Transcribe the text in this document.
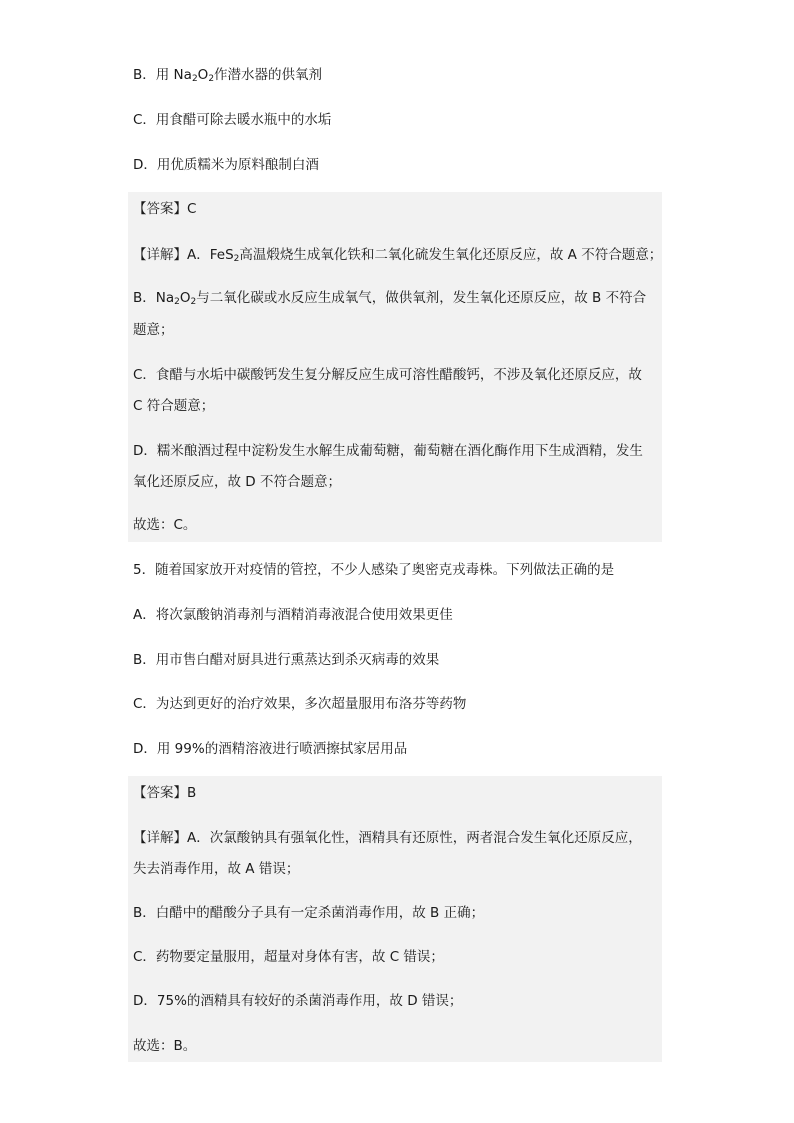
B．用 $Na_2O_2$作潜水器的供氧剂
C．用食醋可除去暖水瓶中的水垢
D．用优质糯米为原料酿制白酒
【答案】C
【详解】A．FeS$_2$高温煅烧生成氧化铁和二氧化硫发生氧化还原反应，故 A 不符合题意；
B．$Na_2O_2$与二氧化碳或水反应生成氧气，做供氧剂，发生氧化还原反应，故 B 不符合
题意；
C．食醋与水垢中碳酸钙发生复分解反应生成可溶性醋酸钙，不涉及氧化还原反应，故
C 符合题意；
D．糯米酿酒过程中淀粉发生水解生成葡萄糖，葡萄糖在酒化酶作用下生成酒精，发生
氧化还原反应，故 D 不符合题意；
故选：C。
5．随着国家放开对疫情的管控，不少人感染了奥密克戎毒株。下列做法正确的是
A．将次氯酸钠消毒剂与酒精消毒液混合使用效果更佳
B．用市售白醋对厨具进行熏蒸达到杀灭病毒的效果
C．为达到更好的治疗效果，多次超量服用布洛芬等药物
D．用 99%的酒精溶液进行喷洒擦拭家居用品
【答案】B
【详解】A．次氯酸钠具有强氧化性，酒精具有还原性，两者混合发生氧化还原反应，
失去消毒作用，故 A 错误；
B．白醋中的醋酸分子具有一定杀菌消毒作用，故 B 正确；
C．药物要定量服用，超量对身体有害，故 C 错误；
D．75%的酒精具有较好的杀菌消毒作用，故 D 错误；
故选：B。
